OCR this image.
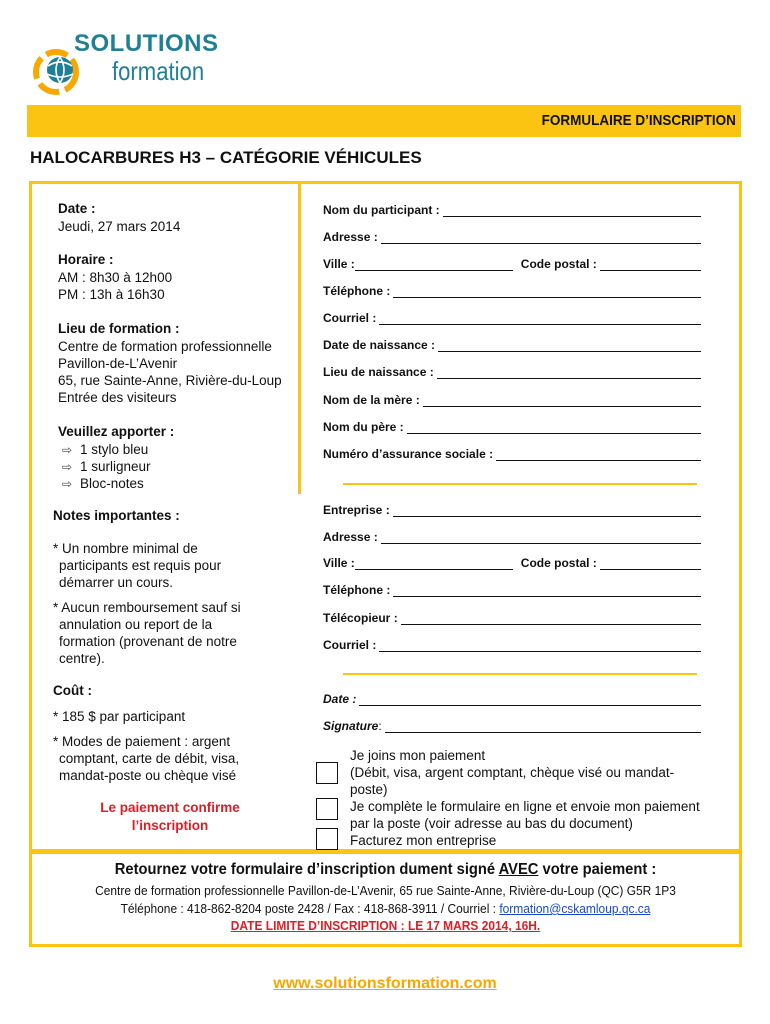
SOLUTIONS
formation
FORMULAIRE D’INSCRIPTION
HALOCARBURES H3 – CATÉGORIE VÉHICULES
Date :
Jeudi, 27 mars 2014
Horaire :
AM : 8h30 à 12h00
PM : 13h à 16h30
Lieu de formation :
Centre de formation professionnelle
Pavillon-de-L’Avenir
65, rue Sainte-Anne, Rivière-du-Loup
Entrée des visiteurs
Veuillez apporter :
⇨ 1 stylo bleu
⇨ 1 surligneur
⇨ Bloc-notes
Notes importantes :
* Un nombre minimal de
participants est requis pour
démarrer un cours.
* Aucun remboursement sauf si
annulation ou report de la
formation (provenant de notre
centre).
Coût :
* 185 $ par participant
* Modes de paiement : argent
comptant, carte de débit, visa,
mandat-poste ou chèque visé
Le paiement confirme
l’inscription
Nom du participant :
Adresse :
Ville :	Code postal :
Téléphone :
Courriel :
Date de naissance :
Lieu de naissance :
Nom de la mère :
Nom du père :
Numéro d’assurance sociale :
Entreprise :
Adresse :
Ville :	Code postal :
Téléphone :
Télécopieur :
Courriel :
Date :
Signature :
Je joins mon paiement
(Débit, visa, argent comptant, chèque visé ou mandat-
poste)
Je complète le formulaire en ligne et envoie mon paiement
par la poste (voir adresse au bas du document)
Facturez mon entreprise
Retournez votre formulaire d’inscription dument signé AVEC votre paiement :
Centre de formation professionnelle Pavillon-de-L’Avenir, 65 rue Sainte-Anne, Rivière-du-Loup (QC) G5R 1P3
Téléphone : 418-862-8204 poste 2428 / Fax : 418-868-3911 / Courriel : formation@cskamloup.qc.ca
DATE LIMITE D’INSCRIPTION : LE 17 MARS 2014, 16H.
www.solutionsformation.com
